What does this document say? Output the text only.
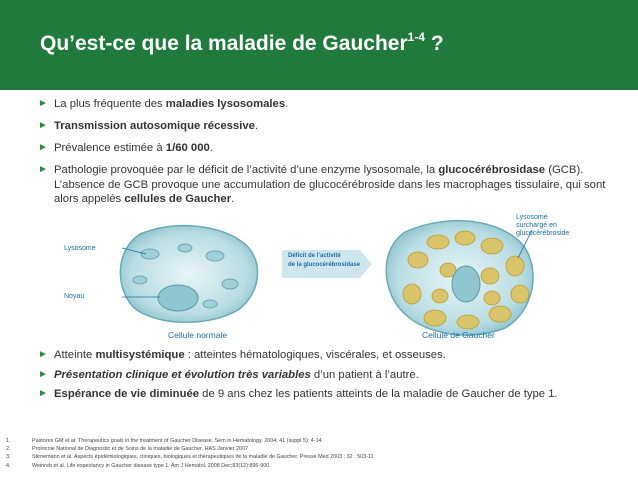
Qu’est-ce que la maladie de Gaucher$^{1-4}$ ?
► La plus fréquente des maladies lysosomales.
► Transmission autosomique récessive.
► Prévalence estimée à 1/60 000.
► Pathologie provoquée par le déficit de l’activité d’une enzyme lysosomale, la glucocérébrosidase (GCB). L’absence de GCB provoque une accumulation de glucocérébroside dans les macrophages tissulaire, qui sont alors appelés cellules de Gaucher.
Lysosome
Noyau
Cellule normale
Déficit de l’activité
de la glucocérébrosidase
Lysosome
surchargé en
glucocérébroside
Cellule de Gaucher
► Atteinte multisystémique : atteintes hématologiques, viscérales, et osseuses.
► Présentation clinique et évolution très variables d’un patient à l’autre.
► Espérance de vie diminuée de 9 ans chez les patients atteints de la maladie de Gaucher de type 1.
1.	Pastores GM et al. Therapeutics goals in the treatment of Gaucher Disease. Sem in Hematology. 2004; 41 (suppl 5): 4-14.
2.	Protocole National de Diagnostic et de Soins de la maladie de Gaucher. HAS Janvier 2007
3.	Stirnemann et al. Aspects épidémiologiques, cliniques, biologiques et thérapeutiques de la maladie de Gaucher. Presse Med 2003 ; 32 : 503-11
4.	Weinreb et al. Life expectancy in Gaucher disease type 1. Am J Hematol. 2008 Dec;83(12):896-900.
